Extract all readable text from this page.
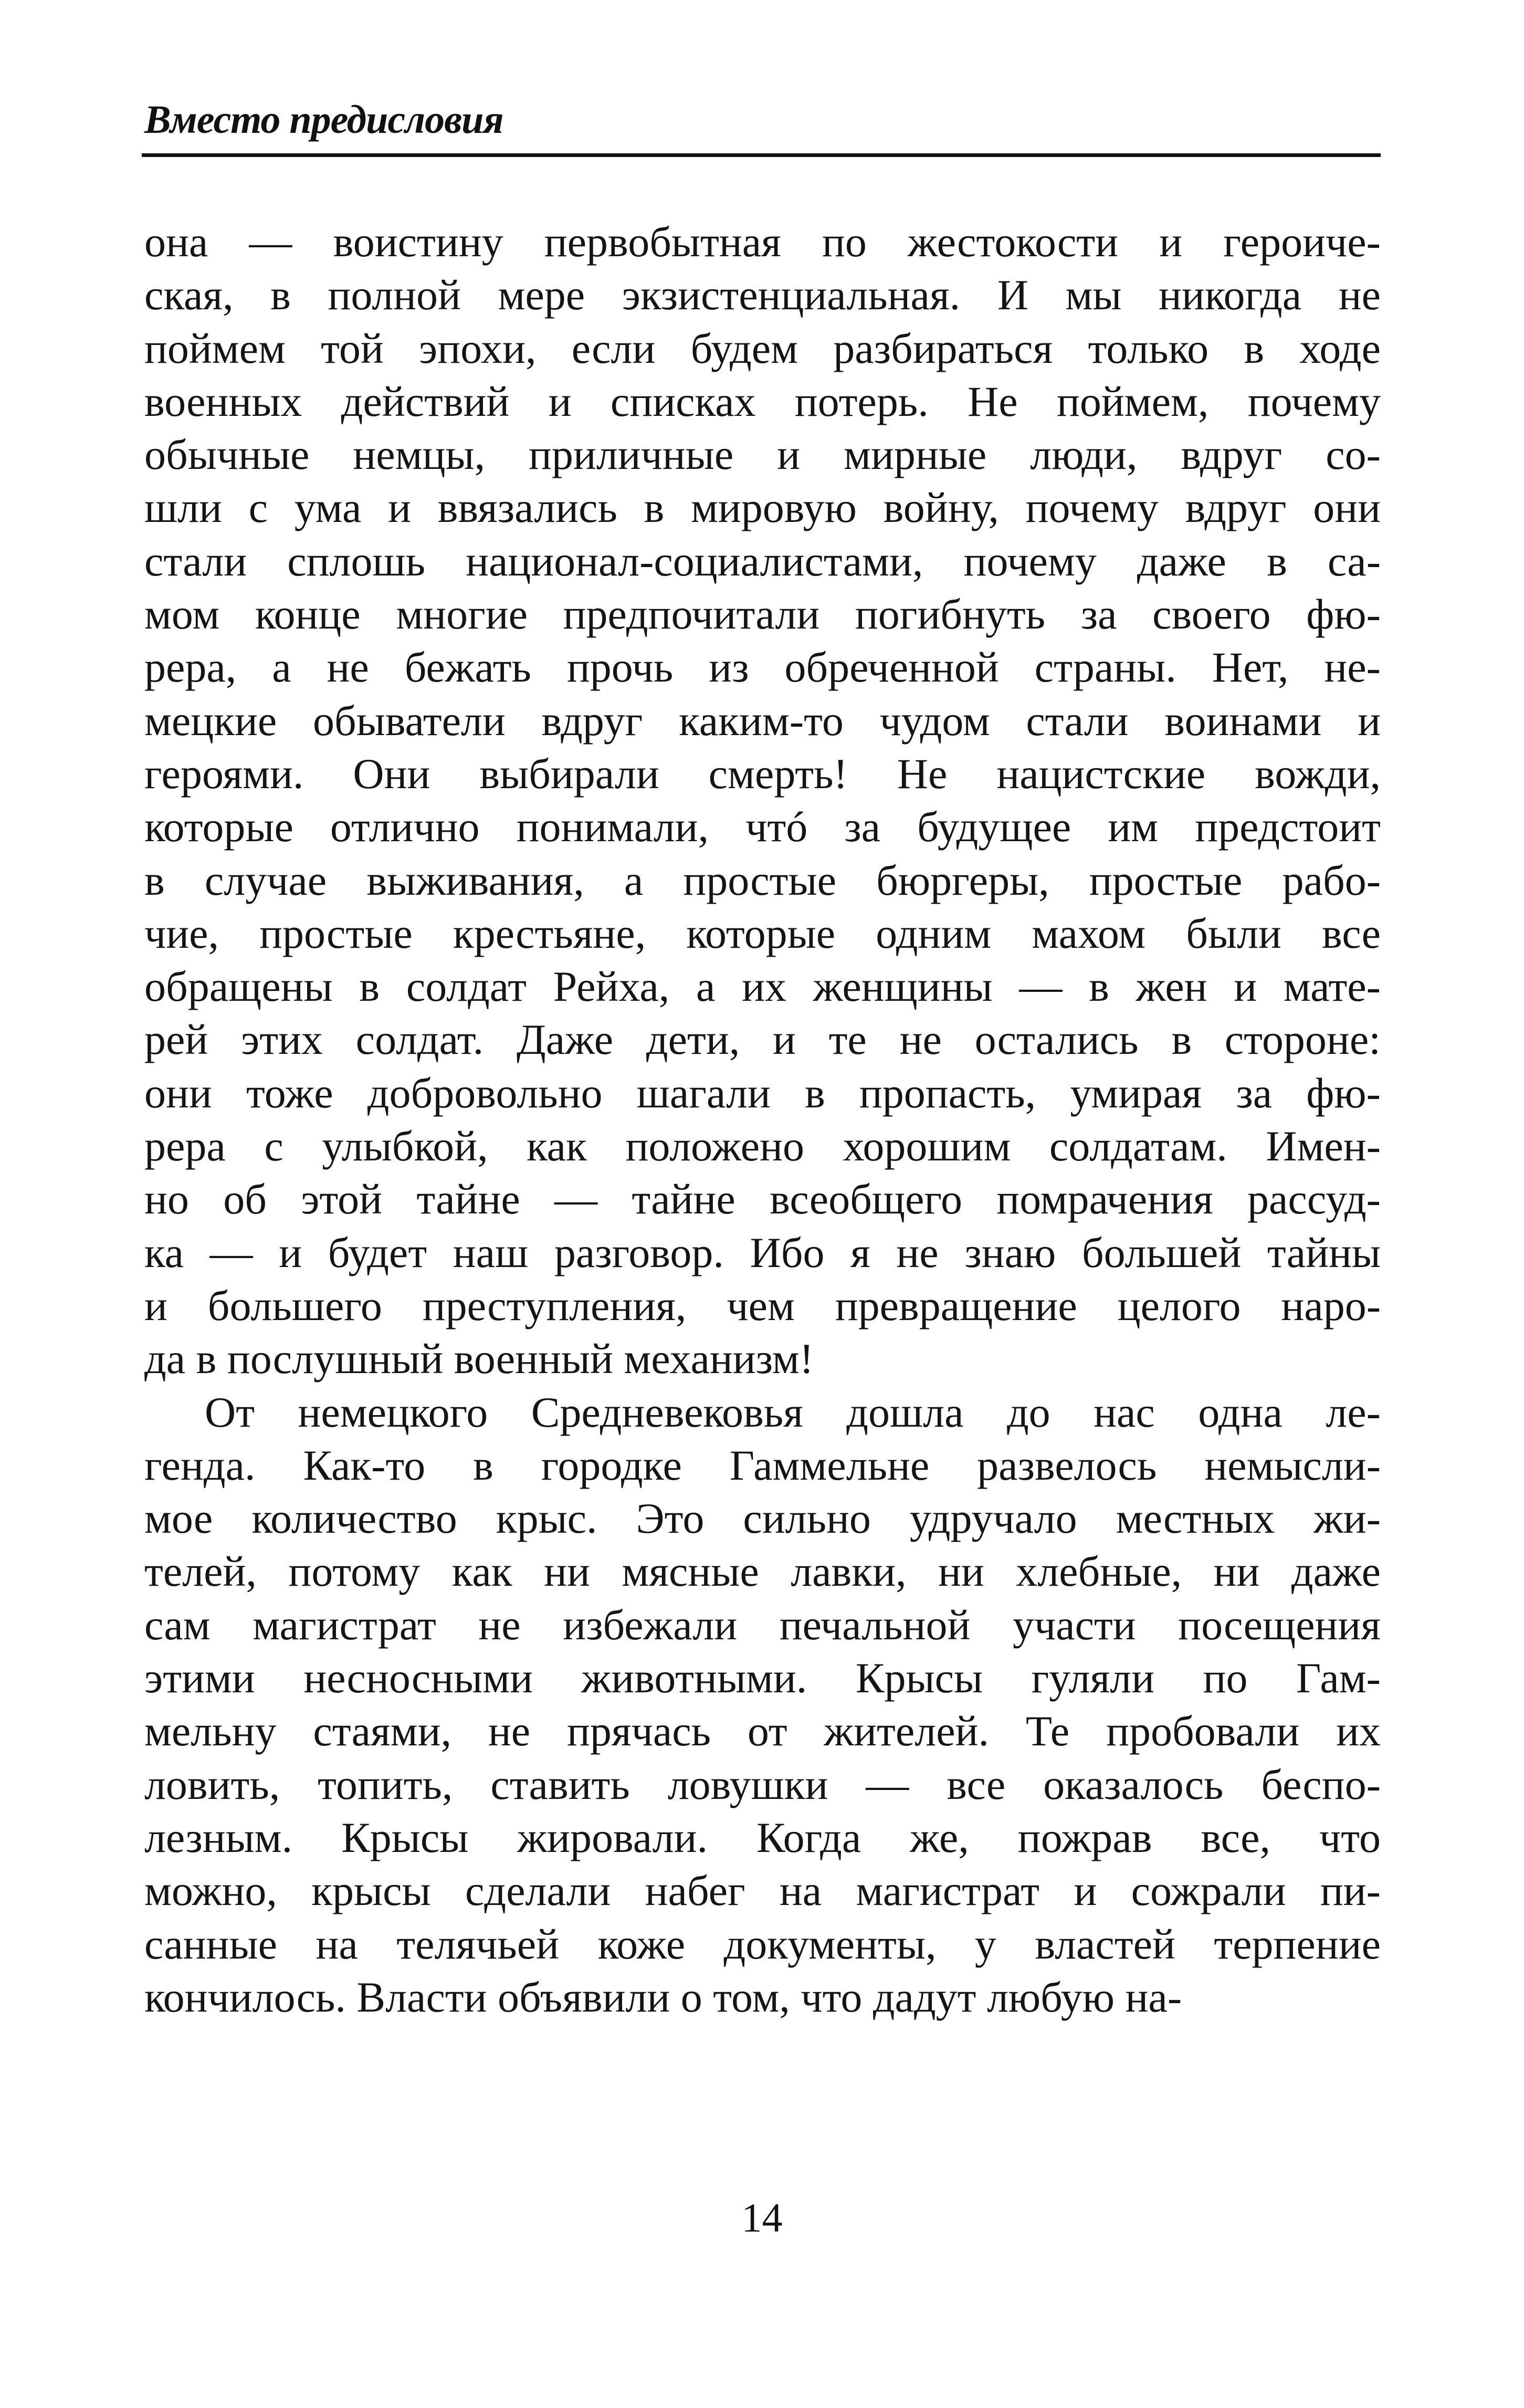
Вместо предисловия
она — воистину первобытная по жестокости и героиче-
ская, в полной мере экзистенциальная. И мы никогда не
поймем той эпохи, если будем разбираться только в ходе
военных действий и списках потерь. Не поймем, почему
обычные немцы, приличные и мирные люди, вдруг со-
шли с ума и ввязались в мировую войну, почему вдруг они
стали сплошь национал-социалистами, почему даже в са-
мом конце многие предпочитали погибнуть за своего фю-
рера, а не бежать прочь из обреченной страны. Нет, не-
мецкие обыватели вдруг каким-то чудом стали воинами и
героями. Они выбирали смерть! Не нацистские вожди,
которые отлично понимали, чтó за будущее им предстоит
в случае выживания, а простые бюргеры, простые рабо-
чие, простые крестьяне, которые одним махом были все
обращены в солдат Рейха, а их женщины — в жен и мате-
рей этих солдат. Даже дети, и те не остались в стороне:
они тоже добровольно шагали в пропасть, умирая за фю-
рера с улыбкой, как положено хорошим солдатам. Имен-
но об этой тайне — тайне всеобщего помрачения рассуд-
ка — и будет наш разговор. Ибо я не знаю большей тайны
и большего преступления, чем превращение целого наро-
да в послушный военный механизм!
От немецкого Средневековья дошла до нас одна ле-
генда. Как-то в городке Гаммельне развелось немысли-
мое количество крыс. Это сильно удручало местных жи-
телей, потому как ни мясные лавки, ни хлебные, ни даже
сам магистрат не избежали печальной участи посещения
этими несносными животными. Крысы гуляли по Гам-
мельну стаями, не прячась от жителей. Те пробовали их
ловить, топить, ставить ловушки — все оказалось беспо-
лезным. Крысы жировали. Когда же, пожрав все, что
можно, крысы сделали набег на магистрат и сожрали пи-
санные на телячьей коже документы, у властей терпение
кончилось. Власти объявили о том, что дадут любую на-
14
